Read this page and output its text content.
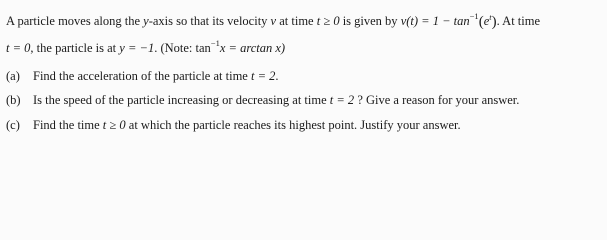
A particle moves along the y-axis so that its velocity v at time t ≥ 0 is given by $v(t) = 1 - \tan^{-1}(e^t)$. At time
t = 0, the particle is at y = −1. (Note: $\tan^{-1}x = \arctan x$)
(a) Find the acceleration of the particle at time t = 2.
(b) Is the speed of the particle increasing or decreasing at time t = 2 ? Give a reason for your answer.
(c) Find the time t ≥ 0 at which the particle reaches its highest point. Justify your answer.
